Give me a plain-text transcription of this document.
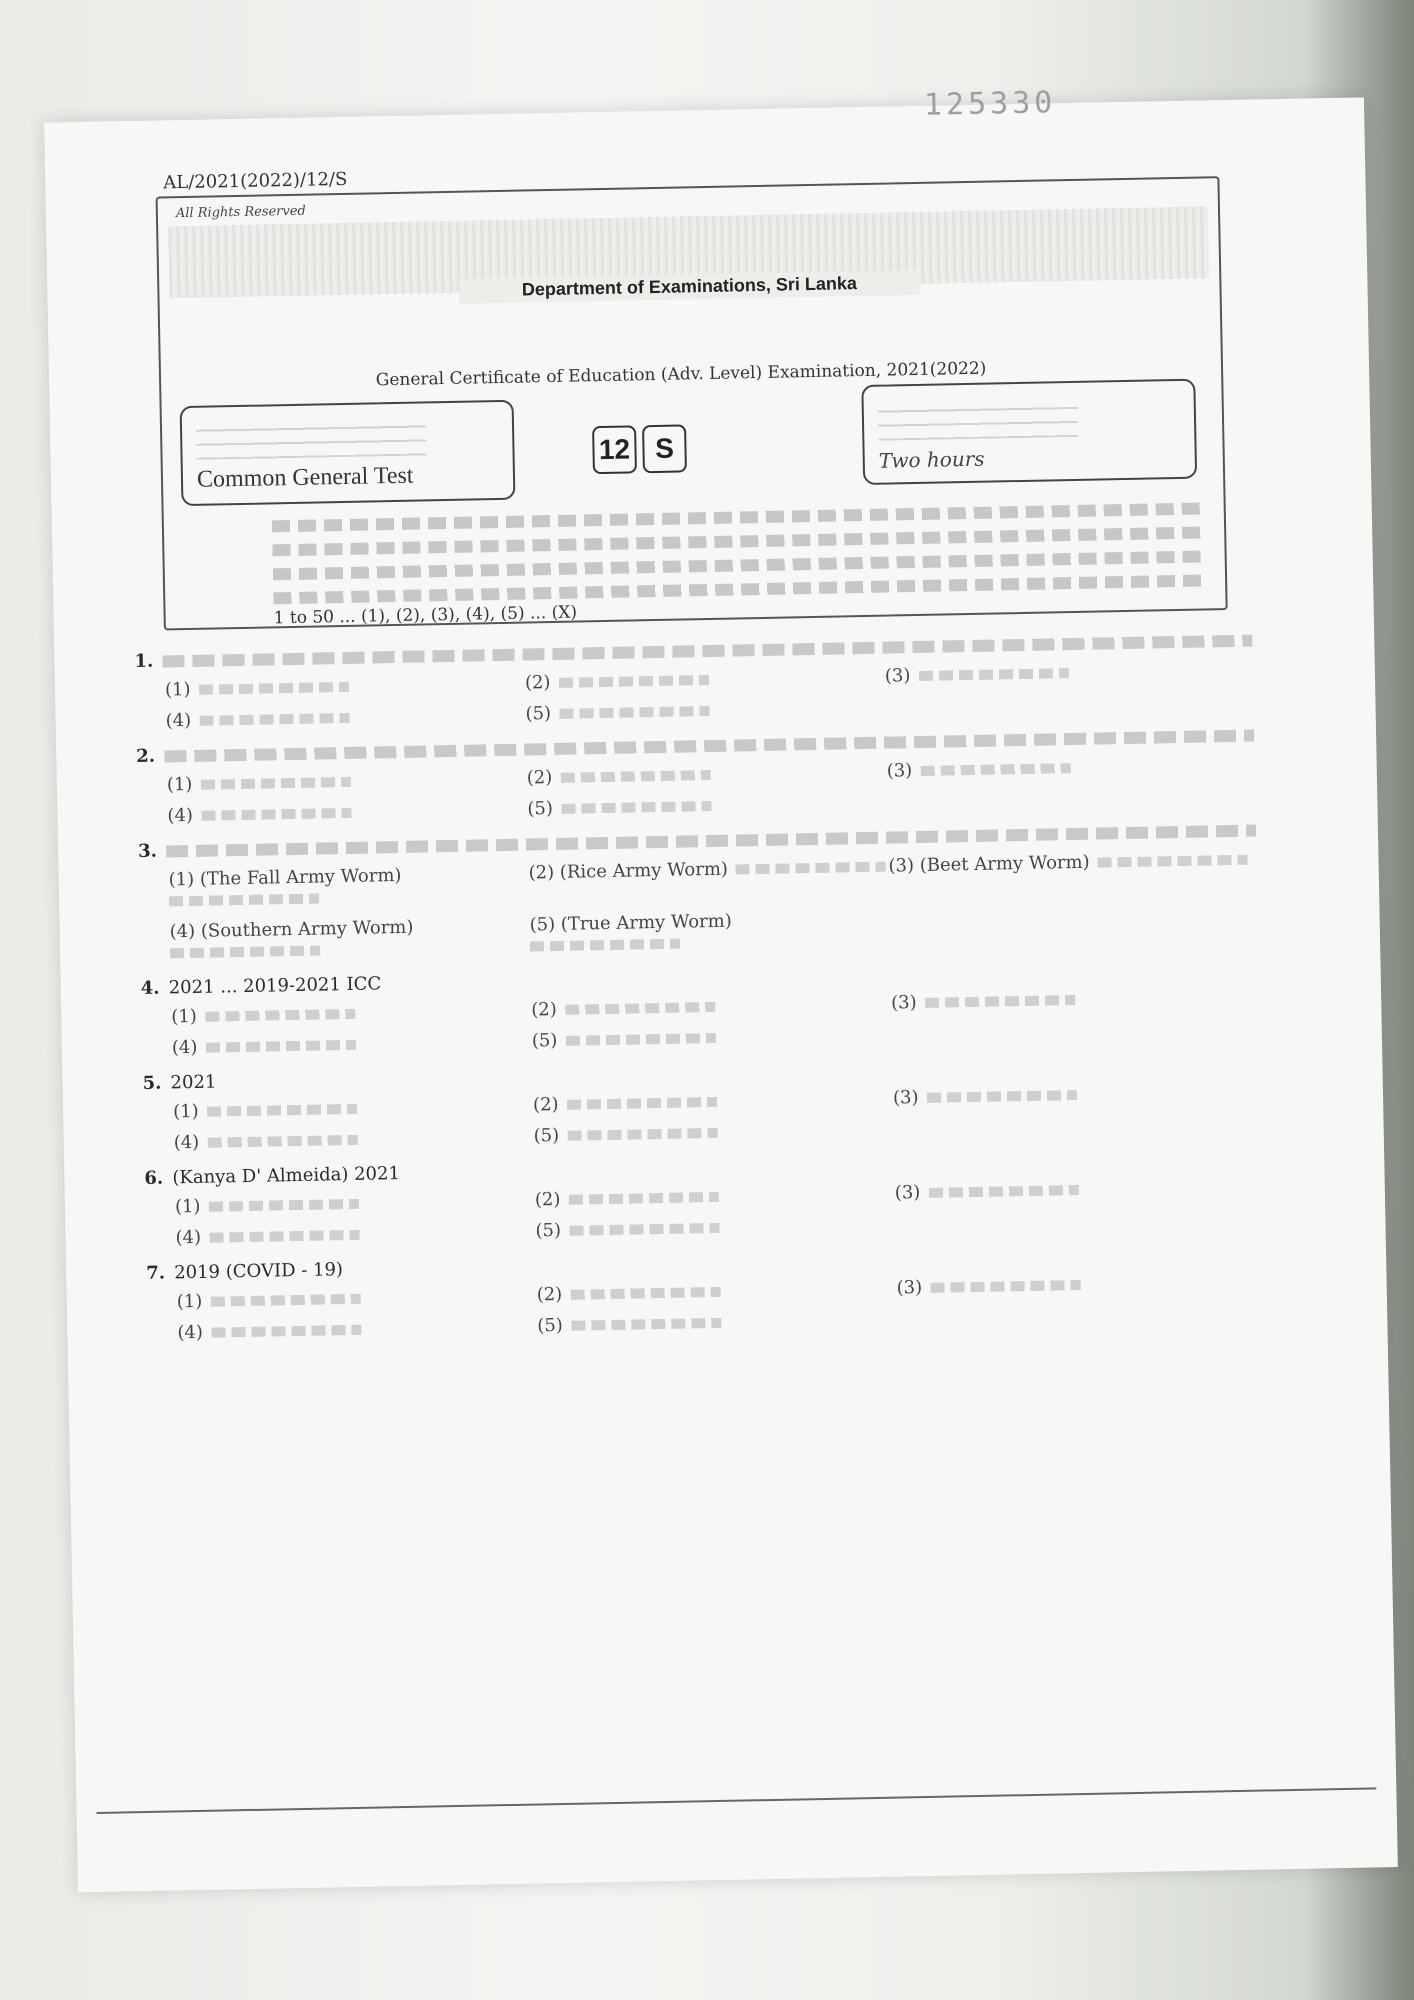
125330
AL/2021(2022)/12/S
All Rights Reserved
Department of Examinations, Sri Lanka
General Certificate of Education (Adv. Level) Examination, 2021(2022)
Common General Test
12 S	Two hours
1 to 50 ... (1), (2), (3), (4), (5) ... (X)
1.
(1)	(2)	(3)
(4)	(5)
2.
(1)	(2)	(3)
(4)	(5)
3.
(1) (The Fall Army Worm)	(2) (Rice Army Worm)	(3) (Beet Army Worm)
(4) (Southern Army Worm)	(5) (True Army Worm)
4. 2021 ... 2019-2021 ICC
(1)	(2)	(3)
(4)	(5)
5. 2021
(1)	(2)	(3)
(4)	(5)
6. (Kanya D' Almeida) 2021
(1)	(2)	(3)
(4)	(5)
7. 2019 (COVID - 19)
(1)	(2)	(3)
(4)	(5)
